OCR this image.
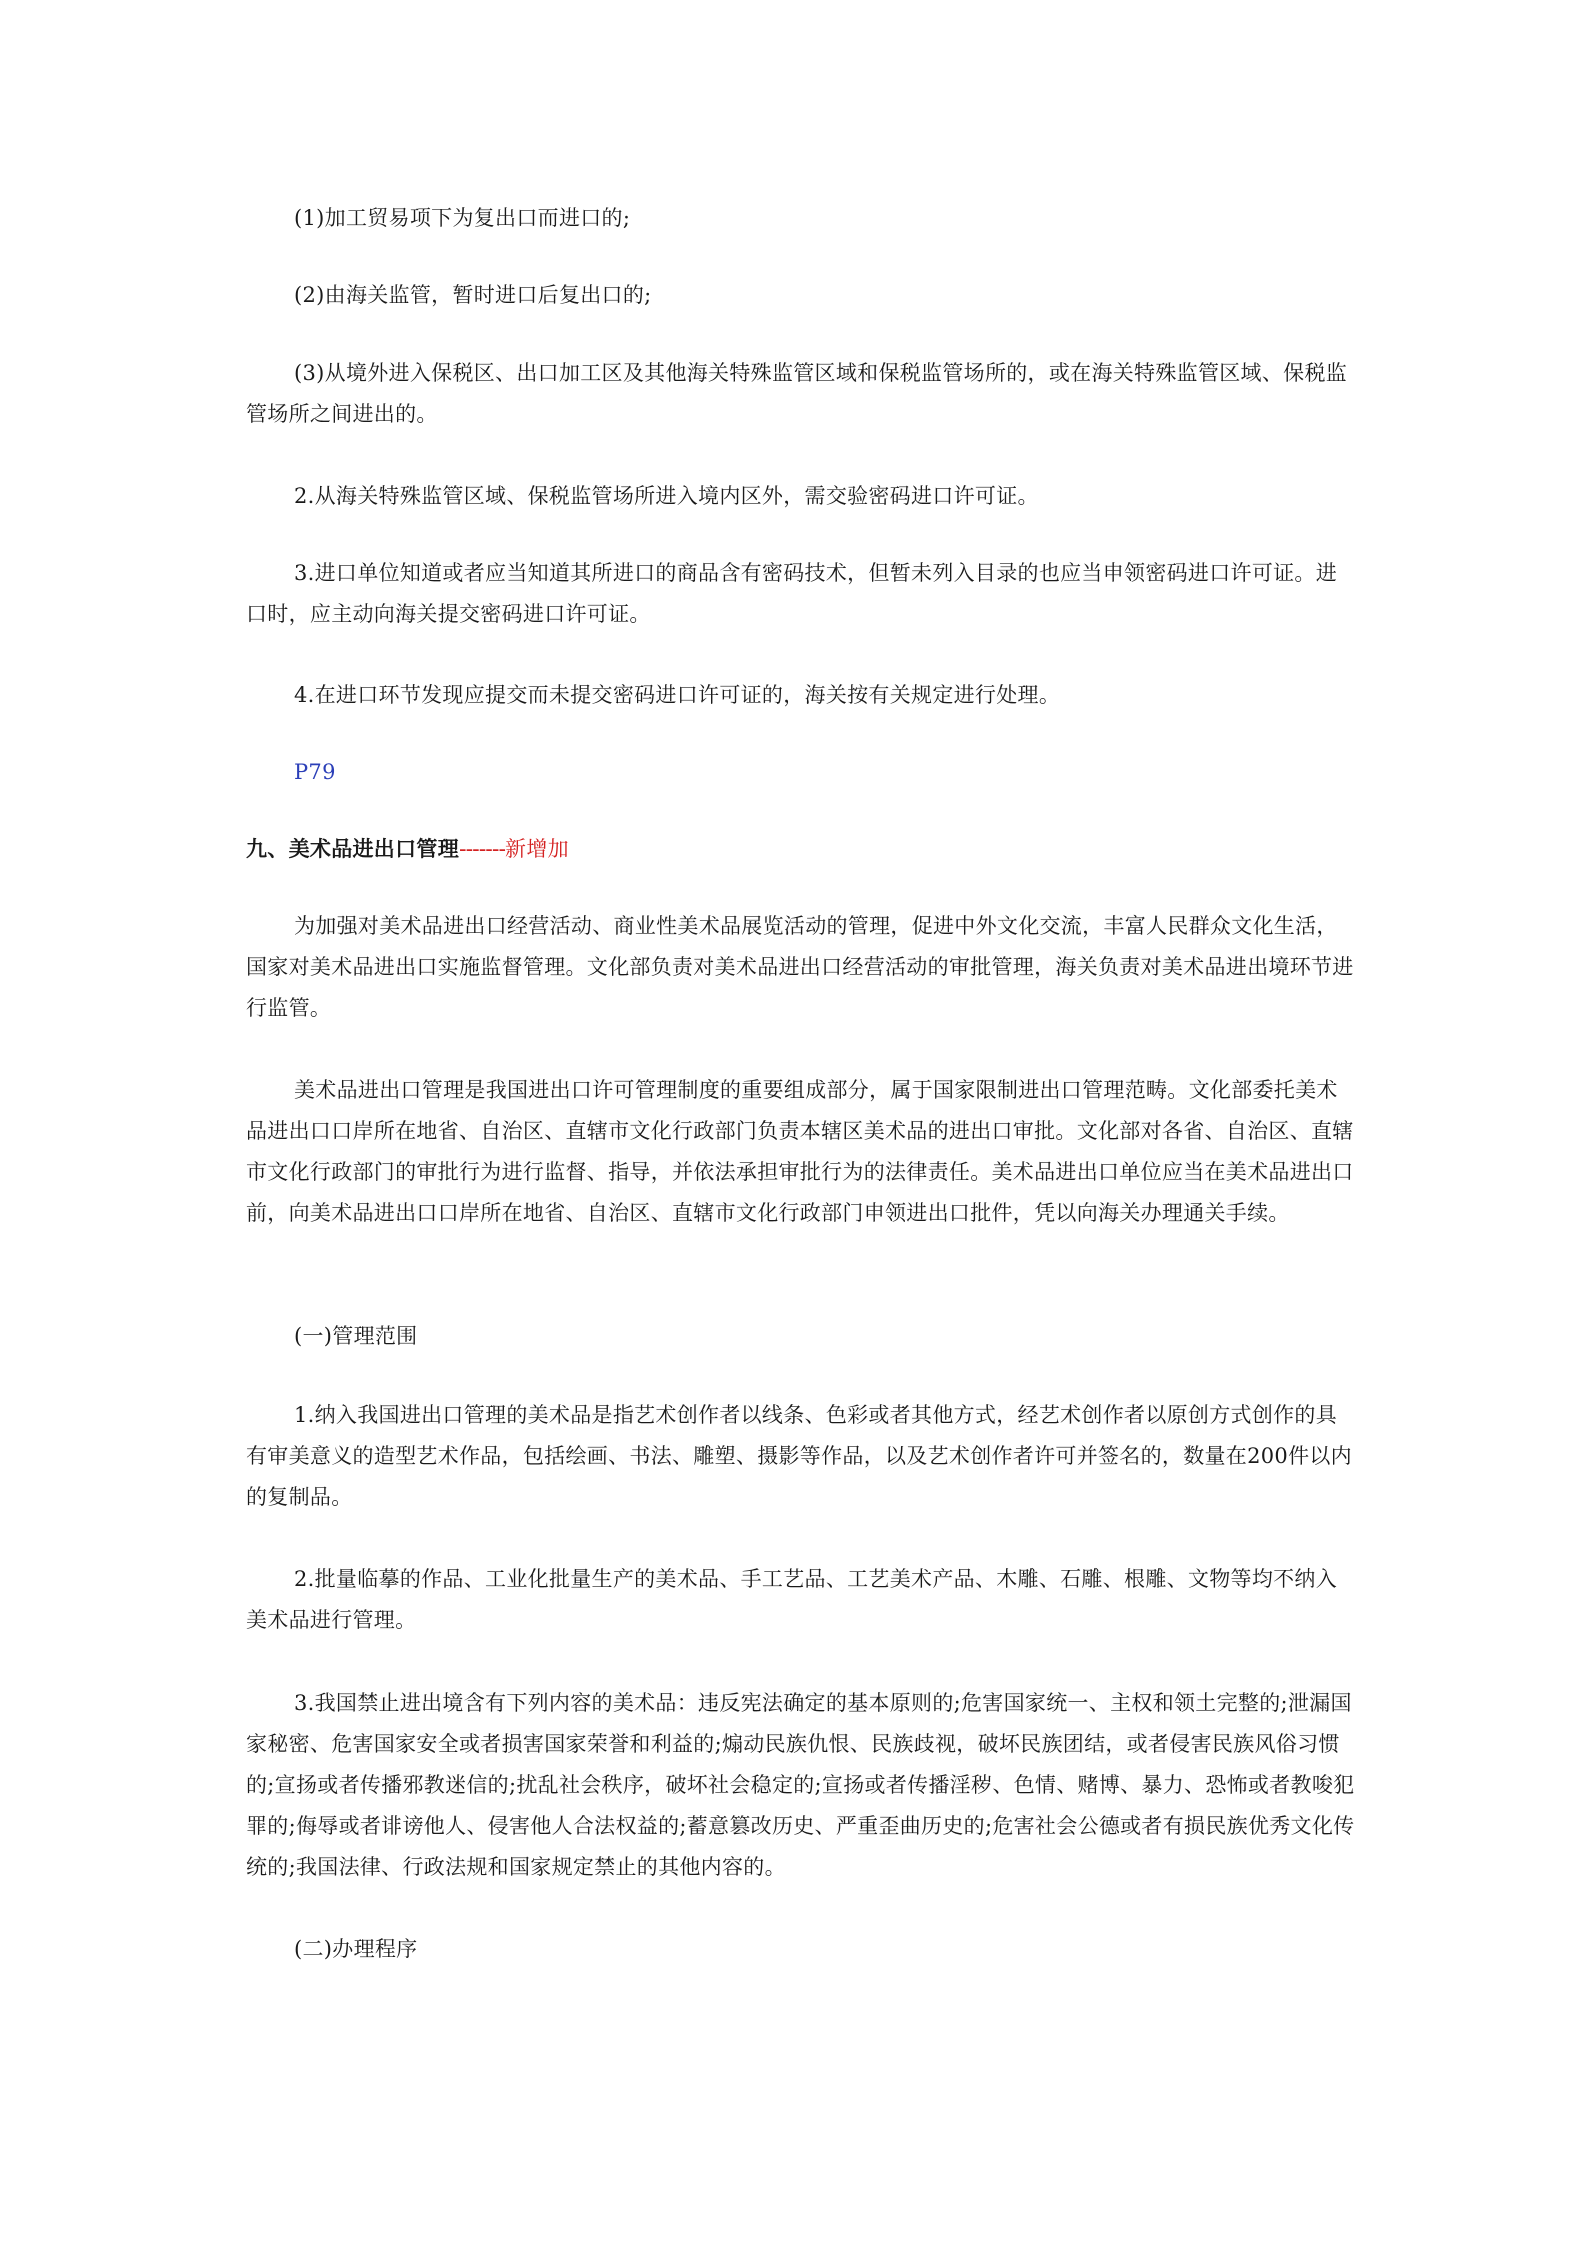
(1)加工贸易项下为复出口而进口的;

(2)由海关监管，暂时进口后复出口的;

(3)从境外进入保税区、出口加工区及其他海关特殊监管区域和保税监管场所的，或在海关特殊监管区域、保税监管场所之间进出的。

2.从海关特殊监管区域、保税监管场所进入境内区外，需交验密码进口许可证。

3.进口单位知道或者应当知道其所进口的商品含有密码技术，但暂未列入目录的也应当申领密码进口许可证。进口时，应主动向海关提交密码进口许可证。

4.在进口环节发现应提交而未提交密码进口许可证的，海关按有关规定进行处理。

P79

九、美术品进出口管理-------新增加

为加强对美术品进出口经营活动、商业性美术品展览活动的管理，促进中外文化交流，丰富人民群众文化生活，国家对美术品进出口实施监督管理。文化部负责对美术品进出口经营活动的审批管理，海关负责对美术品进出境环节进行监管。

美术品进出口管理是我国进出口许可管理制度的重要组成部分，属于国家限制进出口管理范畴。文化部委托美术品进出口口岸所在地省、自治区、直辖市文化行政部门负责本辖区美术品的进出口审批。文化部对各省、自治区、直辖市文化行政部门的审批行为进行监督、指导，并依法承担审批行为的法律责任。美术品进出口单位应当在美术品进出口前，向美术品进出口口岸所在地省、自治区、直辖市文化行政部门申领进出口批件，凭以向海关办理通关手续。

(一)管理范围

1.纳入我国进出口管理的美术品是指艺术创作者以线条、色彩或者其他方式，经艺术创作者以原创方式创作的具有审美意义的造型艺术作品，包括绘画、书法、雕塑、摄影等作品，以及艺术创作者许可并签名的，数量在200件以内的复制品。

2.批量临摹的作品、工业化批量生产的美术品、手工艺品、工艺美术产品、木雕、石雕、根雕、文物等均不纳入美术品进行管理。

3.我国禁止进出境含有下列内容的美术品：违反宪法确定的基本原则的;危害国家统一、主权和领土完整的;泄漏国家秘密、危害国家安全或者损害国家荣誉和利益的;煽动民族仇恨、民族歧视，破坏民族团结，或者侵害民族风俗习惯的;宣扬或者传播邪教迷信的;扰乱社会秩序，破坏社会稳定的;宣扬或者传播淫秽、色情、赌博、暴力、恐怖或者教唆犯罪的;侮辱或者诽谤他人、侵害他人合法权益的;蓄意篡改历史、严重歪曲历史的;危害社会公德或者有损民族优秀文化传统的;我国法律、行政法规和国家规定禁止的其他内容的。

(二)办理程序
